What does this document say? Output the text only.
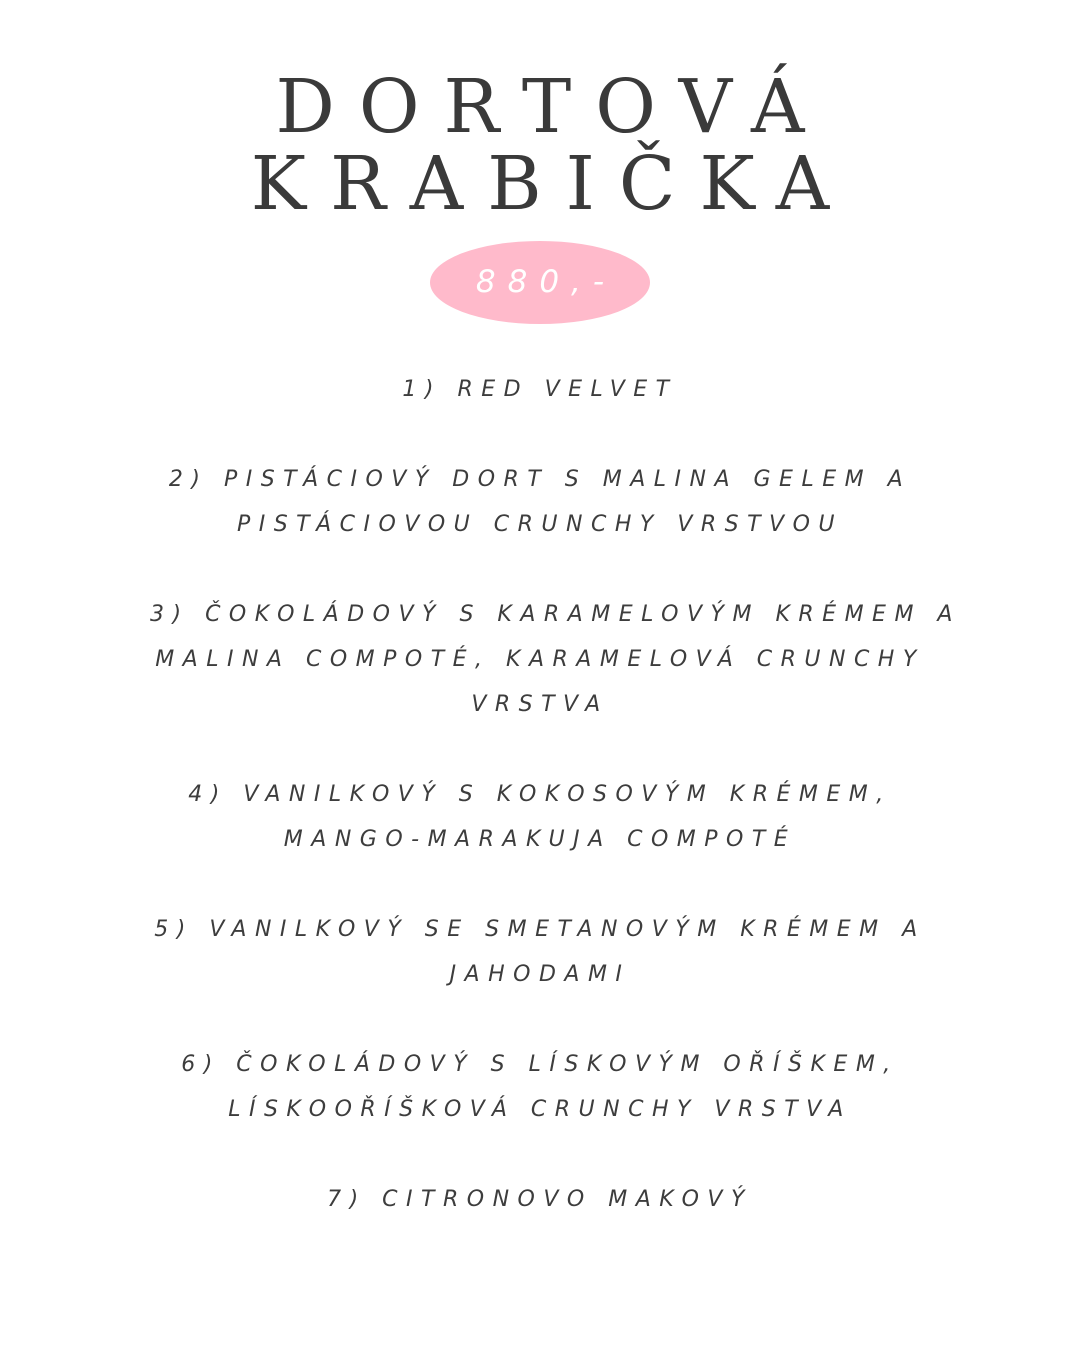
DORTOVÁ
KRABIČKA
880,-

1) RED VELVET

2) PISTÁCIOVÝ DORT S MALINA GELEM A
PISTÁCIOVOU CRUNCHY VRSTVOU

3) ČOKOLÁDOVÝ S KARAMELOVÝM KRÉMEM A
MALINA COMPOTÉ, KARAMELOVÁ CRUNCHY
VRSTVA

4) VANILKOVÝ S KOKOSOVÝM KRÉMEM,
MANGO-MARAKUJA COMPOTÉ

5) VANILKOVÝ SE SMETANOVÝM KRÉMEM A
JAHODAMI

6) ČOKOLÁDOVÝ S LÍSKOVÝM OŘÍŠKEM,
LÍSKOOŘÍŠKOVÁ CRUNCHY VRSTVA

7) CITRONOVO MAKOVÝ
